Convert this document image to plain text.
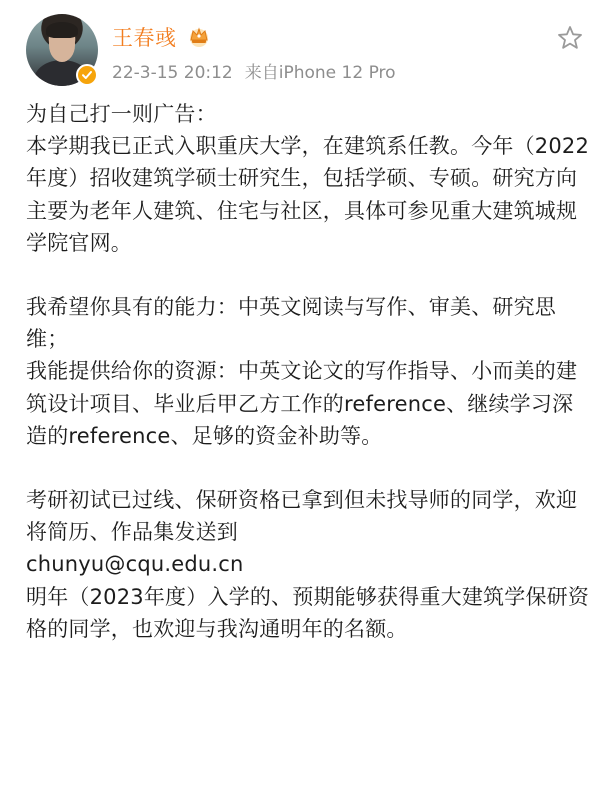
王春彧
22-3-15 20:12 来自iPhone 12 Pro

为自己打一则广告：

本学期我已正式入职重庆大学，在建筑系任教。今年（2022年度）招收建筑学硕士研究生，包括学硕、专硕。研究方向主要为老年人建筑、住宅与社区，具体可参见重大建筑城规学院官网。

我希望你具有的能力：中英文阅读与写作、审美、研究思维；

我能提供给你的资源：中英文论文的写作指导、小而美的建筑设计项目、毕业后甲乙方工作的reference、继续学习深造的reference、足够的资金补助等。

考研初试已过线、保研资格已拿到但未找导师的同学，欢迎将简历、作品集发送到

chunyu@cqu.edu.cn

明年（2023年度）入学的、预期能够获得重大建筑学保研资格的同学，也欢迎与我沟通明年的名额。
